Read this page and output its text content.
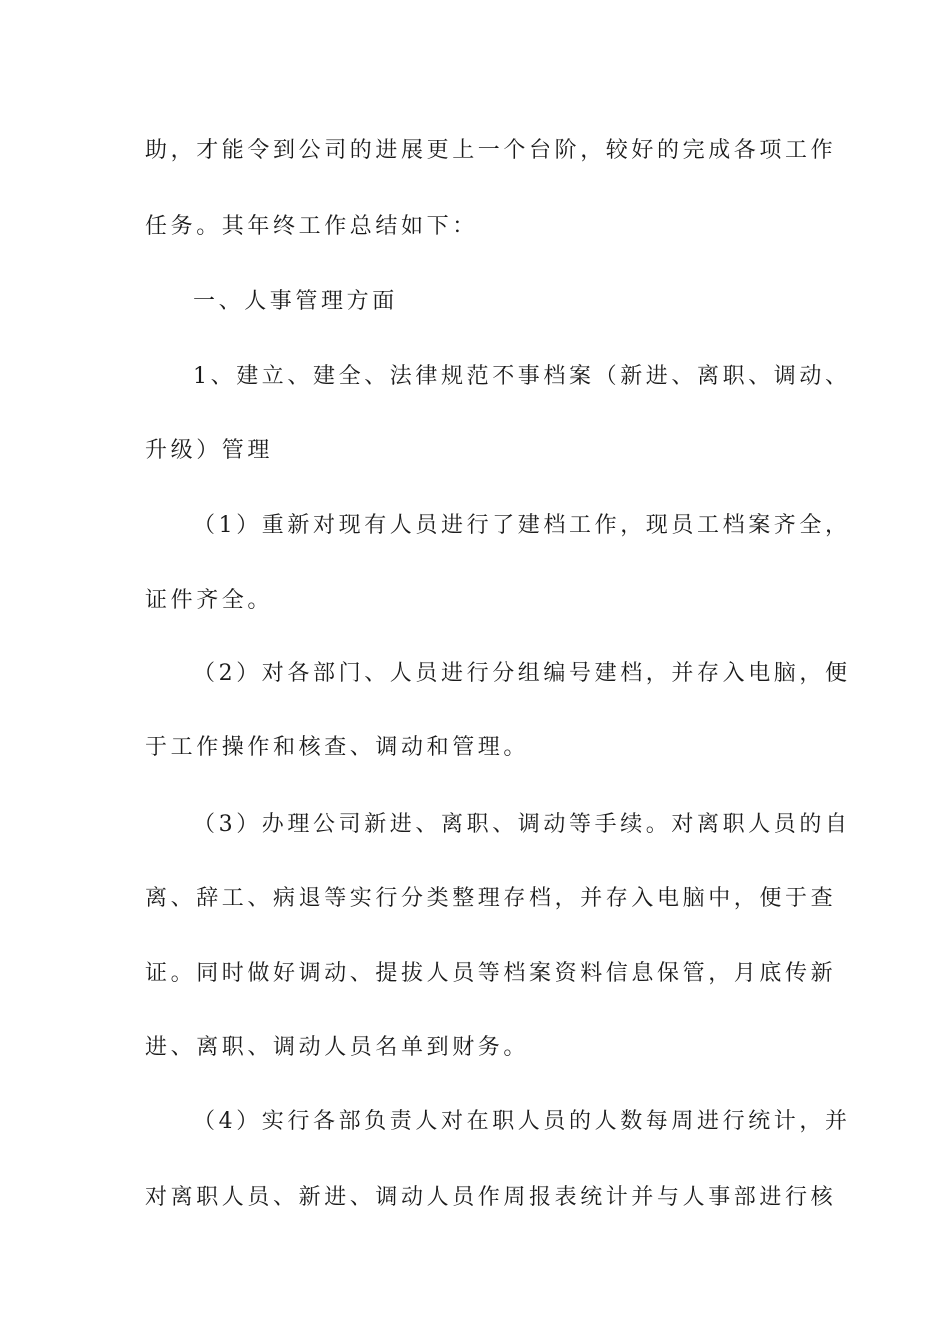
助，才能令到公司的进展更上一个台阶，较好的完成各项工作
任务。其年终工作总结如下：
一、人事管理方面
1、建立、建全、法律规范不事档案（新进、离职、调动、
升级）管理
（1）重新对现有人员进行了建档工作，现员工档案齐全，
证件齐全。
（2）对各部门、人员进行分组编号建档，并存入电脑，便
于工作操作和核查、调动和管理。
（3）办理公司新进、离职、调动等手续。对离职人员的自
离、辞工、病退等实行分类整理存档，并存入电脑中，便于查
证。同时做好调动、提拔人员等档案资料信息保管，月底传新
进、离职、调动人员名单到财务。
（4）实行各部负责人对在职人员的人数每周进行统计，并
对离职人员、新进、调动人员作周报表统计并与人事部进行核
